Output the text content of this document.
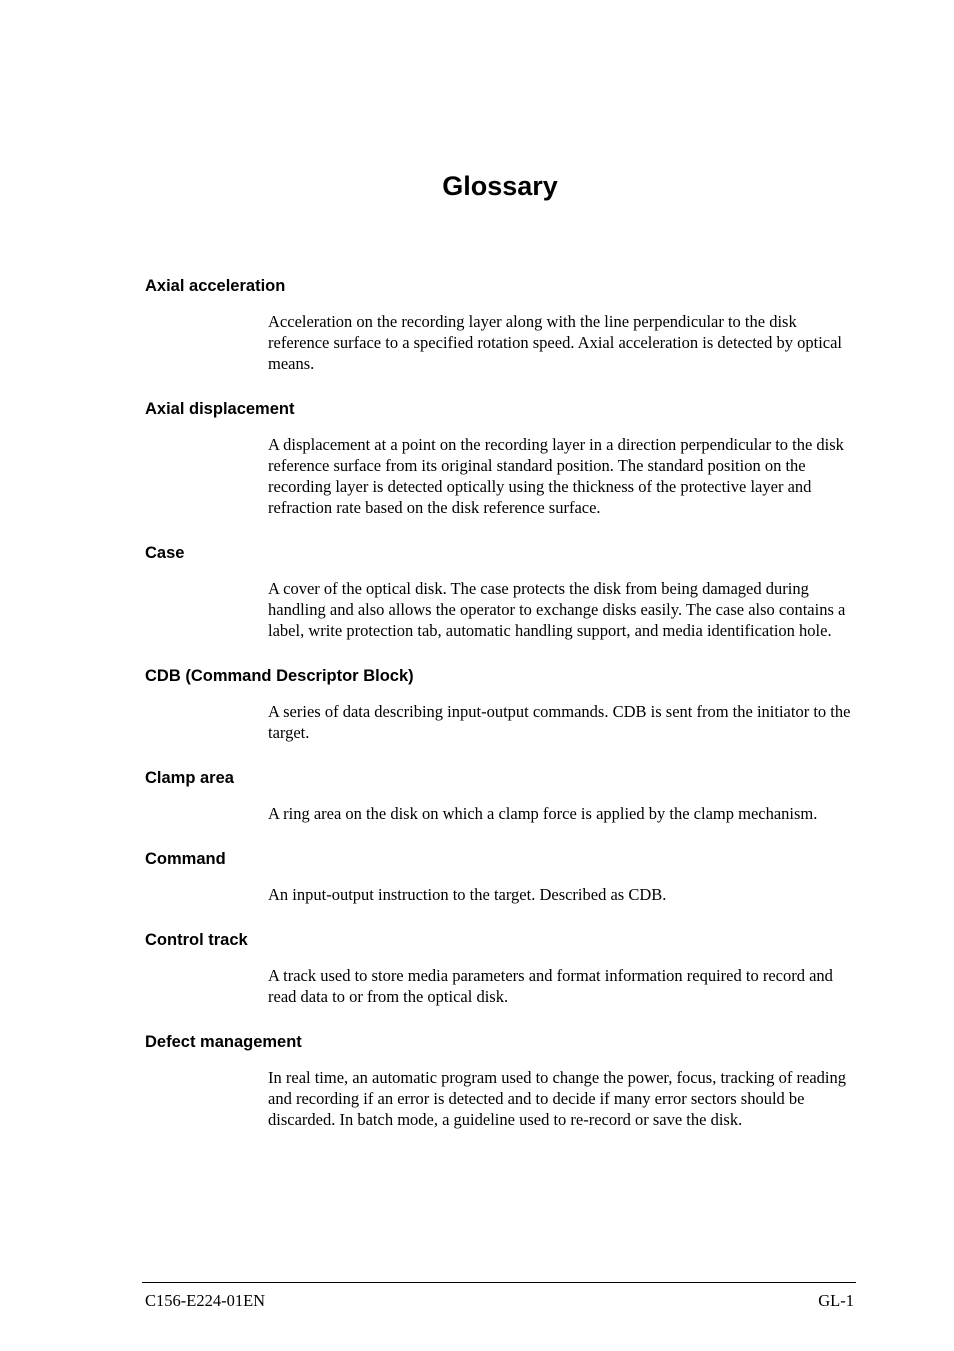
Glossary
Axial acceleration
Acceleration on the recording layer along with the line perpendicular to the disk reference surface to a specified rotation speed. Axial acceleration is detected by optical means.
Axial displacement
A displacement at a point on the recording layer in a direction perpendicular to the disk reference surface from its original standard position. The standard position on the recording layer is detected optically using the thickness of the protective layer and refraction rate based on the disk reference surface.
Case
A cover of the optical disk. The case protects the disk from being damaged during handling and also allows the operator to exchange disks easily. The case also contains a label, write protection tab, automatic handling support, and media identification hole.
CDB (Command Descriptor Block)
A series of data describing input-output commands. CDB is sent from the initiator to the target.
Clamp area
A ring area on the disk on which a clamp force is applied by the clamp mechanism.
Command
An input-output instruction to the target. Described as CDB.
Control track
A track used to store media parameters and format information required to record and read data to or from the optical disk.
Defect management
In real time, an automatic program used to change the power, focus, tracking of reading and recording if an error is detected and to decide if many error sectors should be discarded. In batch mode, a guideline used to re-record or save the disk.
C156-E224-01EN	GL-1
